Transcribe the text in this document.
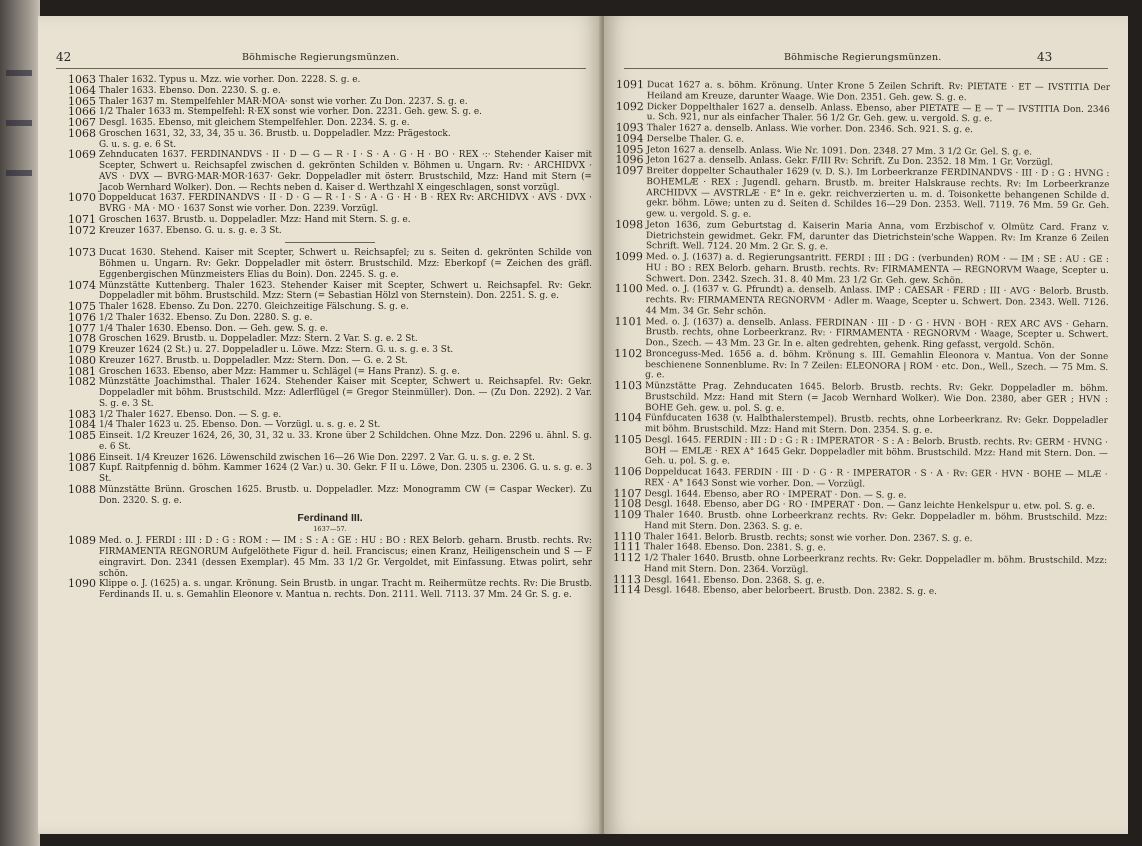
42	Böhmische Regierungsmünzen.
1063 Thaler 1632. Typus u. Mzz. wie vorher. Don. 2228. S. g. e.
1064 Thaler 1633. Ebenso. Don. 2230. S. g. e.
1065 Thaler 1637 m. Stempelfehler MAR·MOA· sonst wie vorher. Zu Don. 2237. S. g. e.
1066 1/2 Thaler 1633 m. Stempelfehl: R·EX sonst wie vorher. Don. 2231. Geh. gew. S. g. e.
1067 Desgl. 1635. Ebenso, mit gleichem Stempelfehler. Don. 2234. S. g. e.
1068 Groschen 1631, 32, 33, 34, 35 u. 36. Brustb. u. Doppeladler. Mzz: Prägestock.
G. u. s. g. e. 6 St.
1069 Zehnducaten 1637. FERDINANDVS · II · D — G — R · I · S · A · G · H · BO · REX ·:· Stehender Kaiser mit Scepter, Schwert u. Reichsapfel zwischen d. gekrönten Schilden v. Böhmen u. Ungarn. Rv: · ARCHIDVX · AVS · DVX — BVRG·MAR·MOR·1637· Gekr. Doppeladler mit österr. Brustschild, Mzz: Hand mit Stern (= Jacob Wernhard Wolker). Don. — Rechts neben d. Kaiser d. Werthzahl X eingeschlagen, sonst vorzügl.
1070 Doppelducat 1637. FERDINANDVS · II · D · G — R · I · S · A · G · H · B · REX Rv: ARCHIDVX · AVS · DVX · BVRG · MA · MO · 1637 Sonst wie vorher. Don. 2239. Vorzügl.
1071 Groschen 1637. Brustb. u. Doppeladler. Mzz: Hand mit Stern. S. g. e.
1072 Kreuzer 1637. Ebenso. G. u. s. g. e. 3 St.
1073 Ducat 1630. Stehend. Kaiser mit Scepter, Schwert u. Reichsapfel; zu s. Seiten d. gekrönten Schilde von Böhmen u. Ungarn. Rv: Gekr. Doppeladler mit österr. Brustschild. Mzz: Eberkopf (= Zeichen des gräfl. Eggenbergischen Münzmeisters Elias du Boin). Don. 2245. S. g. e.
1074 Münzstätte Kuttenberg. Thaler 1623. Stehender Kaiser mit Scepter, Schwert u. Reichsapfel. Rv: Gekr. Doppeladler mit böhm. Brustschild. Mzz: Stern (= Sebastian Hölzl von Sternstein). Don. 2251. S. g. e.
1075 Thaler 1628. Ebenso. Zu Don. 2270. Gleichzeitige Fälschung. S. g. e.
1076 1/2 Thaler 1632. Ebenso. Zu Don. 2280. S. g. e.
1077 1/4 Thaler 1630. Ebenso. Don. — Geh. gew. S. g. e.
1078 Groschen 1629. Brustb. u. Doppeladler. Mzz: Stern. 2 Var. S. g. e. 2 St.
1079 Kreuzer 1624 (2 St.) u. 27. Doppeladler u. Löwe. Mzz: Stern. G. u. s. g. e. 3 St.
1080 Kreuzer 1627. Brustb. u. Doppeladler. Mzz: Stern. Don. — G. e. 2 St.
1081 Groschen 1633. Ebenso, aber Mzz: Hammer u. Schlägel (= Hans Pranz). S. g. e.
1082 Münzstätte Joachimsthal. Thaler 1624. Stehender Kaiser mit Scepter, Schwert u. Reichsapfel. Rv: Gekr. Doppeladler mit böhm. Brustschild. Mzz: Adlerflügel (= Gregor Steinmüller). Don. — (Zu Don. 2292). 2 Var. S. g. e. 3 St.
1083 1/2 Thaler 1627. Ebenso. Don. — S. g. e.
1084 1/4 Thaler 1623 u. 25. Ebenso. Don. — Vorzügl. u. s. g. e. 2 St.
1085 Einseit. 1/2 Kreuzer 1624, 26, 30, 31, 32 u. 33. Krone über 2 Schildchen. Ohne Mzz. Don. 2296 u. ähnl. S. g. e. 6 St.
1086 Einseit. 1/4 Kreuzer 1626. Löwenschild zwischen 16—26 Wie Don. 2297. 2 Var. G. u. s. g. e. 2 St.
1087 Kupf. Raitpfennig d. böhm. Kammer 1624 (2 Var.) u. 30. Gekr. F II u. Löwe, Don. 2305 u. 2306. G. u. s. g. e. 3 St.
1088 Münzstätte Brünn. Groschen 1625. Brustb. u. Doppeladler. Mzz: Monogramm CW (= Caspar Wecker). Zu Don. 2320. S. g. e.
Ferdinand III.
1637—57.
1089 Med. o. J. FERDI : III : D : G : ROM : — IM : S : A : GE : HU : BO : REX Belorb. geharn. Brustb. rechts. Rv: FIRMAMENTA REGNORUM Aufgelöthete Figur d. heil. Franciscus; einen Kranz, Heiligenschein und S — F eingravirt. Don. 2341 (dessen Exemplar). 45 Mm. 33 1/2 Gr. Vergoldet, mit Einfassung. Etwas polirt, sehr schön.
1090 Klippe o. J. (1625) a. s. ungar. Krönung. Sein Brustb. in ungar. Tracht m. Reihermütze rechts. Rv: Die Brustb. Ferdinands II. u. s. Gemahlin Eleonore v. Mantua n. rechts. Don. 2111. Well. 7113. 37 Mm. 24 Gr. S. g. e.
Böhmische Regierungsmünzen.	43
1091 Ducat 1627 a. s. böhm. Krönung. Unter Krone 5 Zeilen Schrift. Rv: PIETATE · ET — IVSTITIA Der Heiland am Kreuze, darunter Waage. Wie Don. 2351. Geh. gew. S. g. e.
1092 Dicker Doppelthaler 1627 a. denselb. Anlass. Ebenso, aber PIETATE — E — T — IVSTITIA Don. 2346 u. Sch. 921, nur als einfacher Thaler. 56 1/2 Gr. Geh. gew. u. vergold. S. g. e.
1093 Thaler 1627 a. denselb. Anlass. Wie vorher. Don. 2346. Sch. 921. S. g. e.
1094 Derselbe Thaler. G. e.
1095 Jeton 1627 a. denselb. Anlass. Wie Nr. 1091. Don. 2348. 27 Mm. 3 1/2 Gr. Gel. S. g. e.
1096 Jeton 1627 a. denselb. Anlass. Gekr. F/III Rv: Schrift. Zu Don. 2352. 18 Mm. 1 Gr. Vorzügl.
1097 Breiter doppelter Schauthaler 1629 (v. D. S.). Im Lorbeerkranze FERDINANDVS · III · D : G : HVNG : BOHEMLÆ · REX : Jugendl. geharn. Brustb. m. breiter Halskrause rechts. Rv: Im Lorbeerkranze ARCHIDVX — AVSTRLÆ · E° In e. gekr. reichverzierten u. m. d. Toisonkette behangenen Schilde d. gekr. böhm. Löwe; unten zu d. Seiten d. Schildes 16—29 Don. 2353. Well. 7119. 76 Mm. 59 Gr. Geh. gew. u. vergold. S. g. e.
1098 Jeton 1636, zum Geburtstag d. Kaiserin Maria Anna, vom Erzbischof v. Olmütz Card. Franz v. Dietrichstein gewidmet. Gekr. FM, darunter das Dietrichstein'sche Wappen. Rv: Im Kranze 6 Zeilen Schrift. Well. 7124. 20 Mm. 2 Gr. S. g. e.
1099 Med. o. J. (1637) a. d. Regierungsantritt. FERDI : III : DG : (verbunden) ROM · — IM : SE : AU : GE : HU : BO : REX Belorb. geharn. Brustb. rechts. Rv: FIRMAMENTA — REGNORVM Waage, Scepter u. Schwert. Don. 2342. Szech. 31. 8. 40 Mm. 23 1/2 Gr. Geh. gew. Schön.
1100 Med. o. J. (1637 v. G. Pfrundt) a. denselb. Anlass. IMP : CAESAR · FERD : III · AVG · Belorb. Brustb. rechts. Rv: FIRMAMENTA REGNORVM · Adler m. Waage, Scepter u. Schwert. Don. 2343. Well. 7126. 44 Mm. 34 Gr. Sehr schön.
1101 Med. o. J. (1637) a. denselb. Anlass. FERDINAN · III · D · G · HVN · BOH · REX ARC AVS · Geharn. Brustb. rechts, ohne Lorbeerkranz. Rv: · FIRMAMENTA · REGNORVM · Waage, Scepter u. Schwert. Don., Szech. — 43 Mm. 23 Gr. In e. alten gedrehten, gehenk. Ring gefasst, vergold. Schön.
1102 Bronceguss-Med. 1656 a. d. böhm. Krönung s. III. Gemahlin Eleonora v. Mantua. Von der Sonne beschienene Sonnenblume. Rv: In 7 Zeilen: ELEONORA | ROM · etc. Don., Well., Szech. — 75 Mm. S. g. e.
1103 Münzstätte Prag. Zehnducaten 1645. Belorb. Brustb. rechts. Rv: Gekr. Doppeladler m. böhm. Brustschild. Mzz: Hand mit Stern (= Jacob Wernhard Wolker). Wie Don. 2380, aber GER ; HVN : BOHE Geh. gew. u. pol. S. g. e.
1104 Fünfducaten 1638 (v. Halbthalerstempel). Brustb. rechts, ohne Lorbeerkranz. Rv: Gekr. Doppeladler mit böhm. Brustschild. Mzz: Hand mit Stern. Don. 2354. S. g. e.
1105 Desgl. 1645. FERDIN : III : D : G : R : IMPERATOR · S : A : Belorb. Brustb. rechts. Rv: GERM · HVNG · BOH — EMLÆ · REX A° 1645 Gekr. Doppeladler mit böhm. Brustschild. Mzz: Hand mit Stern. Don. — Geh. u. pol. S. g. e.
1106 Doppelducat 1643. FERDIN · III · D · G · R · IMPERATOR · S · A · Rv: GER · HVN · BOHE — MLÆ · REX · A° 1643 Sonst wie vorher. Don. — Vorzügl.
1107 Desgl. 1644. Ebenso, aber RO · IMPERAT · Don. — S. g. e.
1108 Desgl. 1648. Ebenso, aber DG · RO · IMPERAT · Don. — Ganz leichte Henkelspur u. etw. pol. S. g. e.
1109 Thaler 1640. Brustb. ohne Lorbeerkranz rechts. Rv: Gekr. Doppeladler m. böhm. Brustschild. Mzz: Hand mit Stern. Don. 2363. S. g. e.
1110 Thaler 1641. Belorb. Brustb. rechts; sonst wie vorher. Don. 2367. S. g. e.
1111 Thaler 1648. Ebenso. Don. 2381. S. g. e.
1112 1/2 Thaler 1640. Brustb. ohne Lorbeerkranz rechts. Rv: Gekr. Doppeladler m. böhm. Brustschild. Mzz: Hand mit Stern. Don. 2364. Vorzügl.
1113 Desgl. 1641. Ebenso. Don. 2368. S. g. e.
1114 Desgl. 1648. Ebenso, aber belorbeert. Brustb. Don. 2382. S. g. e.
